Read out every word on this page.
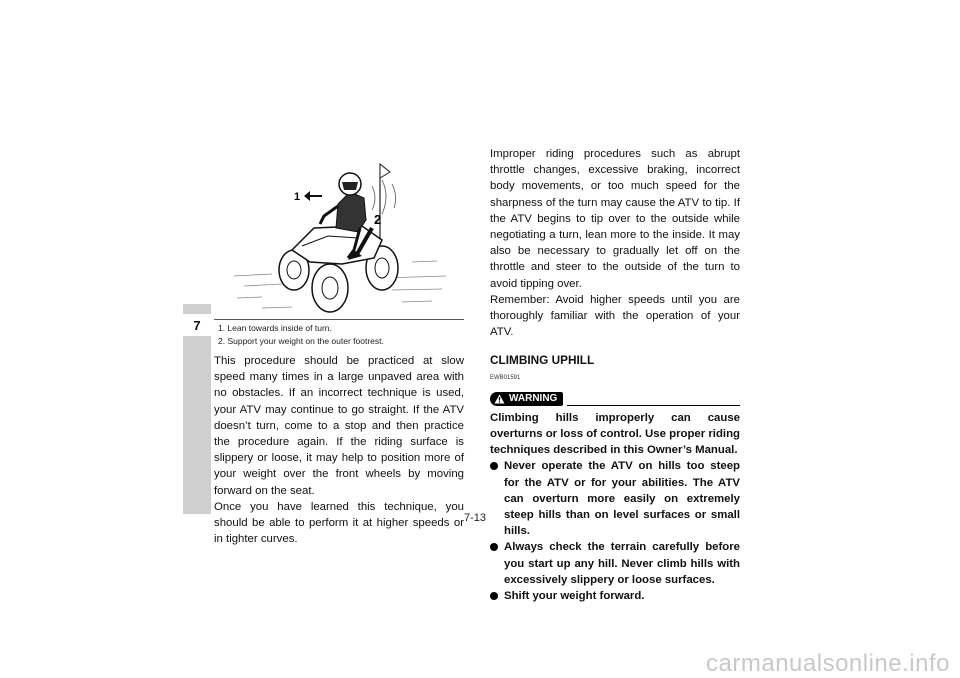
7
1
2
1. Lean towards inside of turn.
2. Support your weight on the outer footrest.

This procedure should be practiced at slow speed many times in a large unpaved area with no obstacles. If an incorrect technique is used, your ATV may continue to go straight. If the ATV doesn’t turn, come to a stop and then practice the procedure again. If the riding surface is slippery or loose, it may help to position more of your weight over the front wheels by moving forward on the seat.

Once you have learned this technique, you should be able to perform it at higher speeds or in tighter curves.

Improper riding procedures such as abrupt throttle changes, excessive braking, incorrect body movements, or too much speed for the sharpness of the turn may cause the ATV to tip. If the ATV begins to tip over to the outside while negotiating a turn, lean more to the inside. It may also be necessary to gradually let off on the throttle and steer to the outside of the turn to avoid tipping over.

Remember: Avoid higher speeds until you are thoroughly familiar with the operation of your ATV.

CLIMBING UPHILL

EWB01591
WARNING

Climbing hills improperly can cause overturns or loss of control. Use proper riding techniques described in this Owner’s Manual.

Never operate the ATV on hills too steep for the ATV or for your abilities. The ATV can overturn more easily on extremely steep hills than on level surfaces or small hills.
Always check the terrain carefully before you start up any hill. Never climb hills with excessively slippery or loose surfaces.
Shift your weight forward.
7-13
carmanualsonline.info
